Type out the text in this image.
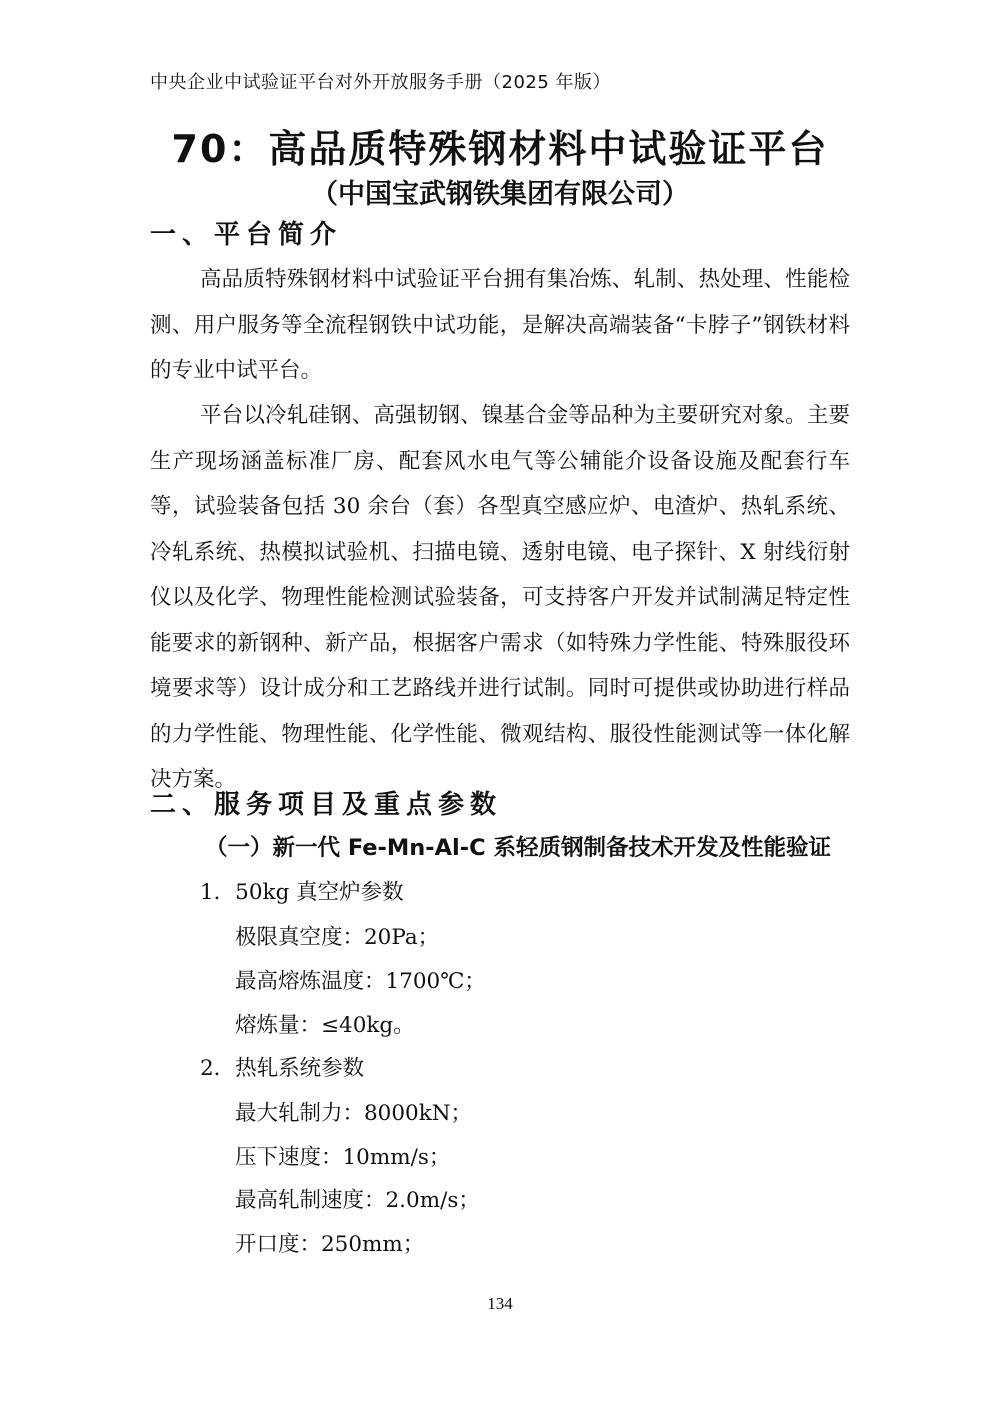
中央企业中试验证平台对外开放服务手册（2025 年版）
70：高品质特殊钢材料中试验证平台
（中国宝武钢铁集团有限公司）
一、平台简介

高品质特殊钢材料中试验证平台拥有集冶炼、轧制、热处理、性能检测、用户服务等全流程钢铁中试功能，是解决高端装备“卡脖子”钢铁材料的专业中试平台。

平台以冷轧硅钢、高强韧钢、镍基合金等品种为主要研究对象。主要生产现场涵盖标准厂房、配套风水电气等公辅能介设备设施及配套行车等，试验装备包括 30 余台（套）各型真空感应炉、电渣炉、热轧系统、冷轧系统、热模拟试验机、扫描电镜、透射电镜、电子探针、X 射线衍射仪以及化学、物理性能检测试验装备，可支持客户开发并试制满足特定性能要求的新钢种、新产品，根据客户需求（如特殊力学性能、特殊服役环境要求等）设计成分和工艺路线并进行试制。同时可提供或协助进行样品的力学性能、物理性能、化学性能、微观结构、服役性能测试等一体化解决方案。

二、服务项目及重点参数
（一）新一代 Fe-Mn-Al-C 系轻质钢制备技术开发及性能验证
1．50kg 真空炉参数
极限真空度：20Pa；
最高熔炼温度：1700℃；
熔炼量：≤40kg。
2．热轧系统参数
最大轧制力：8000kN；
压下速度：10mm/s；
最高轧制速度：2.0m/s；
开口度：250mm；
134
